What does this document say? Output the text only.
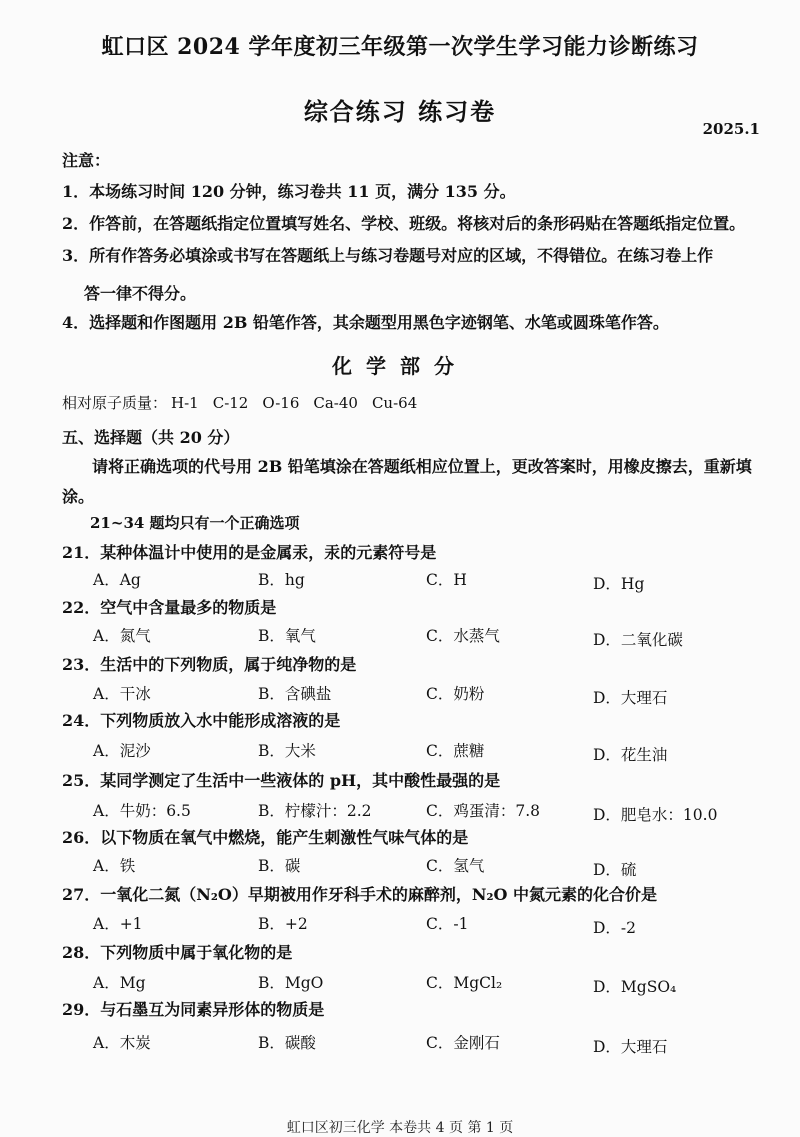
虹口区 2024 学年度初三年级第一次学生学习能力诊断练习
综合练习 练习卷
2025.1
注意：
1．本场练习时间 120 分钟，练习卷共 11 页，满分 135 分。
2．作答前，在答题纸指定位置填写姓名、学校、班级。将核对后的条形码贴在答题纸指定位置。
3．所有作答务必填涂或书写在答题纸上与练习卷题号对应的区域，不得错位。在练习卷上作
答一律不得分。
4．选择题和作图题用 2B 铅笔作答，其余题型用黑色字迹钢笔、水笔或圆珠笔作答。
化学部分
相对原子质量： H-1 C-12 O-16 Ca-40 Cu-64
五、选择题（共 20 分）
请将正确选项的代号用 2B 铅笔填涂在答题纸相应位置上，更改答案时，用橡皮擦去，重新填涂。
21~34 题均只有一个正确选项
21．某种体温计中使用的是金属汞，汞的元素符号是
A．Ag	B．hg	C．H	D．Hg
22．空气中含量最多的物质是
A．氮气	B．氧气	C．水蒸气	D．二氧化碳
23．生活中的下列物质，属于纯净物的是
A．干冰	B．含碘盐	C．奶粉	D．大理石
24．下列物质放入水中能形成溶液的是
A．泥沙	B．大米	C．蔗糖	D．花生油
25．某同学测定了生活中一些液体的 pH，其中酸性最强的是
A．牛奶：6.5	B．柠檬汁：2.2	C．鸡蛋清：7.8	D．肥皂水：10.0
26．以下物质在氧气中燃烧，能产生刺激性气味气体的是
A．铁	B．碳	C．氢气	D．硫
27．一氧化二氮（N₂O）早期被用作牙科手术的麻醉剂，N₂O 中氮元素的化合价是
A．+1	B．+2	C．-1	D．-2
28．下列物质中属于氧化物的是
A．Mg	B．MgO	C．MgCl₂	D．MgSO₄
29．与石墨互为同素异形体的物质是
A．木炭	B．碳酸	C．金刚石	D．大理石
虹口区初三化学 本卷共 4 页 第 1 页
